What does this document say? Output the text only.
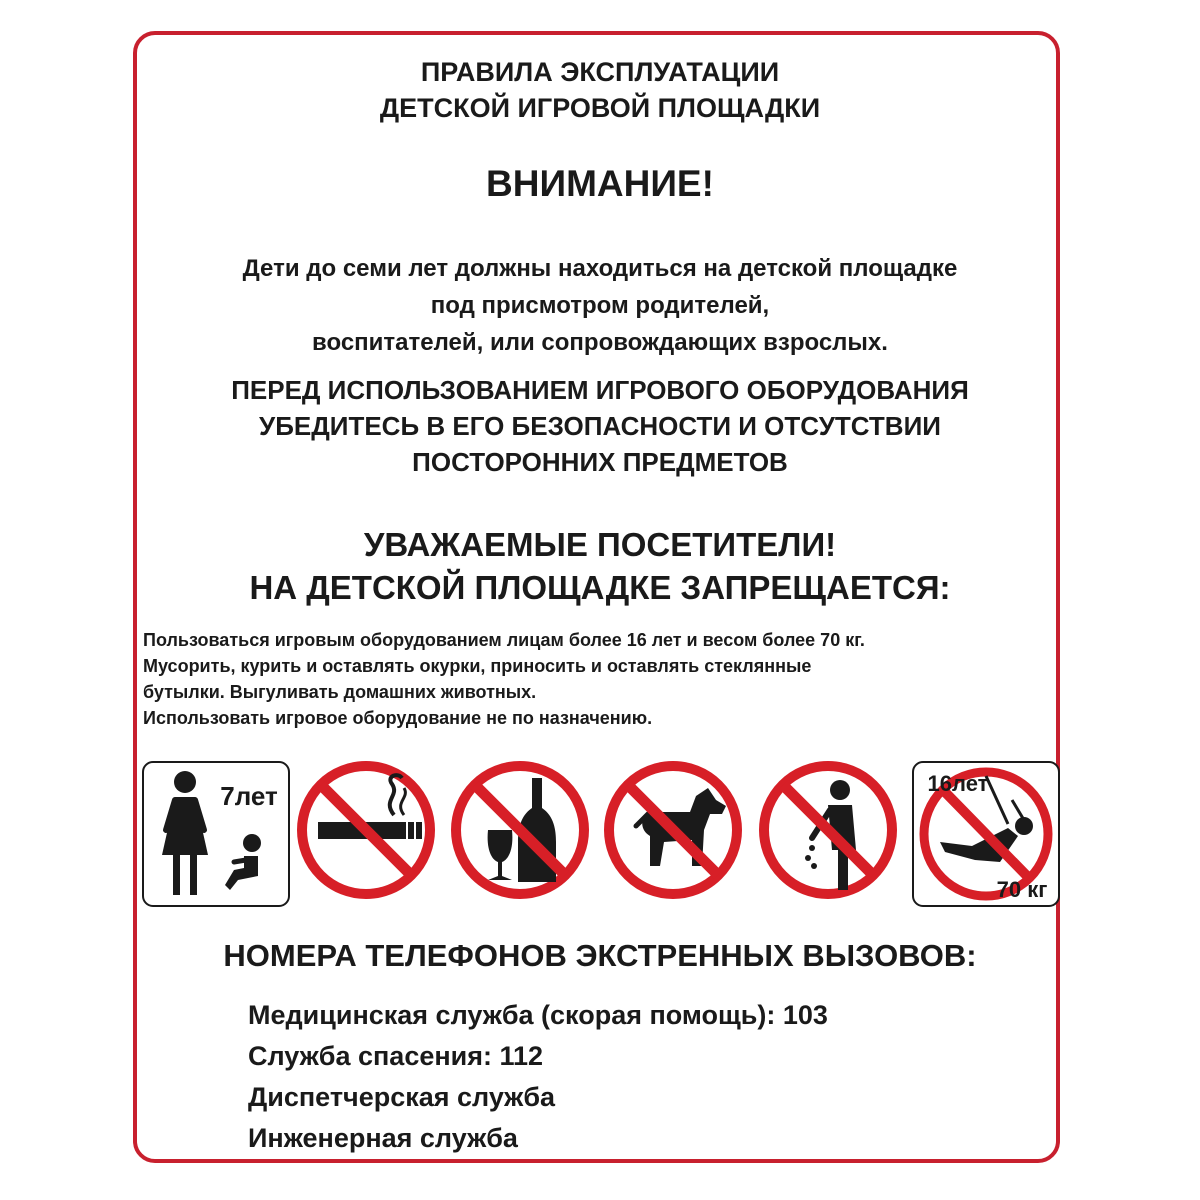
ПРАВИЛА ЭКСПЛУАТАЦИИ
ДЕТСКОЙ ИГРОВОЙ ПЛОЩАДКИ
ВНИМАНИЕ!
Дети до семи лет должны находиться на детской площадке
под присмотром родителей,
воспитателей, или сопровождающих взрослых.
ПЕРЕД ИСПОЛЬЗОВАНИЕМ ИГРОВОГО ОБОРУДОВАНИЯ
УБЕДИТЕСЬ В ЕГО БЕЗОПАСНОСТИ И ОТСУТСТВИИ
ПОСТОРОННИХ ПРЕДМЕТОВ
УВАЖАЕМЫЕ ПОСЕТИТЕЛИ!
НА ДЕТСКОЙ ПЛОЩАДКЕ ЗАПРЕЩАЕТСЯ:
Пользоваться игровым оборудованием лицам более 16 лет и весом более 70 кг.
Мусорить, курить и оставлять окурки, приносить и оставлять стеклянные
бутылки. Выгуливать домашних животных.
Использовать игровое оборудование не по назначению.
7лет	16лет
70 кг
НОМЕРА ТЕЛЕФОНОВ ЭКСТРЕННЫХ ВЫЗОВОВ:
Медицинская служба (скорая помощь): 103
Служба спасения: 112
Диспетчерская служба
Инженерная служба
